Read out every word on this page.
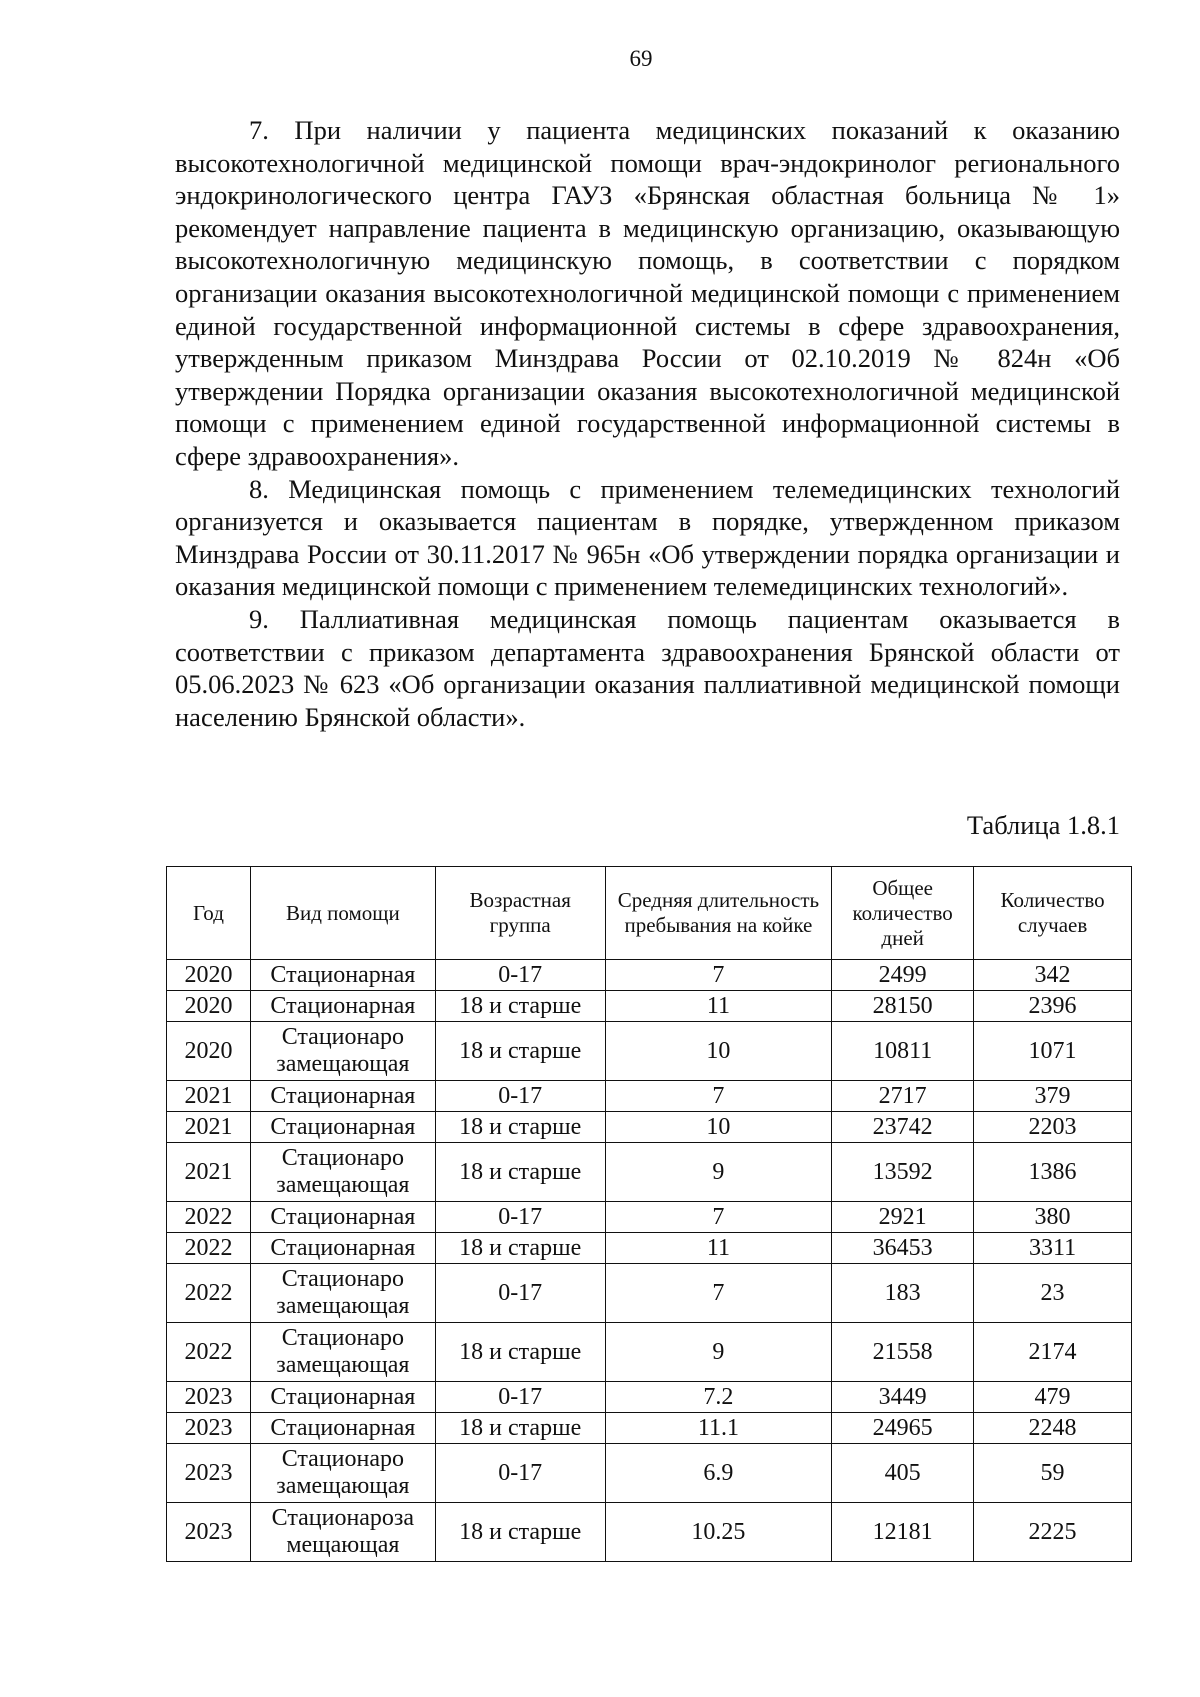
69

7. При наличии у пациента медицинских показаний к оказанию высокотехнологичной медицинской помощи врач-эндокринолог регионального эндокринологического центра ГАУЗ «Брянская областная больница № 1» рекомендует направление пациента в медицинскую организацию, оказывающую высокотехнологичную медицинскую помощь, в соответствии с порядком организации оказания высокотехнологичной медицинской помощи с применением единой государственной информационной системы в сфере здравоохранения, утвержденным приказом Минздрава России от 02.10.2019 № 824н «Об утверждении Порядка организации оказания высокотехнологичной медицинской помощи с применением единой государственной информационной системы в сфере здравоохранения».

8. Медицинская помощь с применением телемедицинских технологий организуется и оказывается пациентам в порядке, утвержденном приказом Минздрава России от 30.11.2017 № 965н «Об утверждении порядка организации и оказания медицинской помощи с применением телемедицинских технологий».

9. Паллиативная медицинская помощь пациентам оказывается в соответствии с приказом департамента здравоохранения Брянской области от 05.06.2023 № 623 «Об организации оказания паллиативной медицинской помощи населению Брянской области».

Таблица 1.8.1
Год	Вид помощи	Возрастная группа	Средняя длительность пребывания на койке	Общее количество дней	Количество случаев
2020	Стационарная	0-17	7	2499	342
2020	Стационарная	18 и старше	11	28150	2396
2020	Стационаро замещающая	18 и старше	10	10811	1071
2021	Стационарная	0-17	7	2717	379
2021	Стационарная	18 и старше	10	23742	2203
2021	Стационаро замещающая	18 и старше	9	13592	1386
2022	Стационарная	0-17	7	2921	380
2022	Стационарная	18 и старше	11	36453	3311
2022	Стационаро замещающая	0-17	7	183	23
2022	Стационаро замещающая	18 и старше	9	21558	2174
2023	Стационарная	0-17	7.2	3449	479
2023	Стационарная	18 и старше	11.1	24965	2248
2023	Стационаро замещающая	0-17	6.9	405	59
2023	Стационароза мещающая	18 и старше	10.25	12181	2225
